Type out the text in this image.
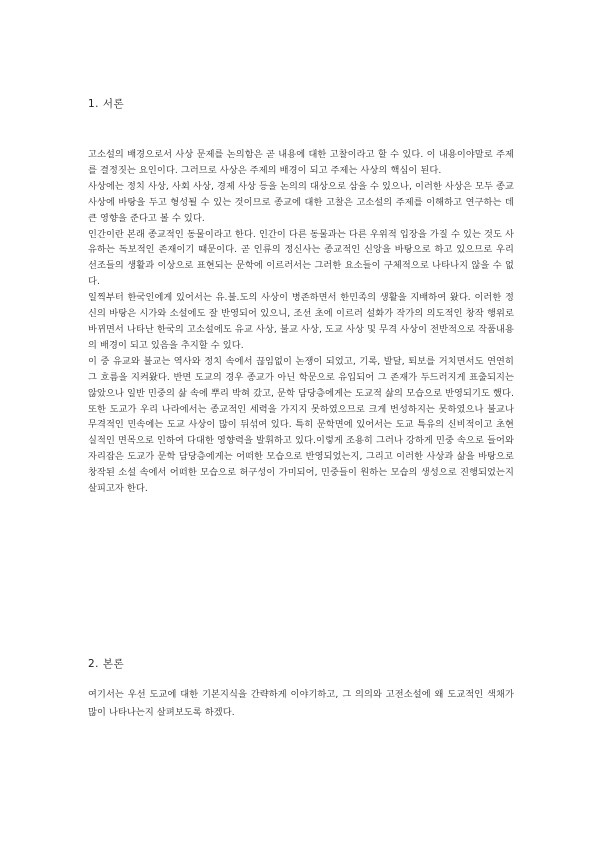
1. 서론

고소설의 배경으로서 사상 문제를 논의함은 곧 내용에 대한 고찰이라고 할 수 있다. 이 내용이야말로 주제를 결정짓는 요인이다. 그러므로 사상은 주제의 배경이 되고 주제는 사상의 핵심이 된다.

사상에는 정치 사상, 사회 사상, 경제 사상 등을 논의의 대상으로 삼을 수 있으나, 이러한 사상은 모두 종교 사상에 바탕을 두고 형성될 수 있는 것이므로 종교에 대한 고찰은 고소설의 주제를 이해하고 연구하는 데 큰 영향을 준다고 볼 수 있다.

인간이란 본래 종교적인 동물이라고 한다. 인간이 다른 동물과는 다른 우위적 입장을 가질 수 있는 것도 사유하는 독보적인 존재이기 때문이다. 곧 인류의 정신사는 종교적인 신앙을 바탕으로 하고 있으므로 우리 선조들의 생활과 이상으로 표현되는 문학에 이르러서는 그러한 요소들이 구체적으로 나타나지 않을 수 없다.

일찍부터 한국인에게 있어서는 유.불.도의 사상이 병존하면서 한민족의 생활을 지배하여 왔다. 이러한 정신의 바탕은 시가와 소설에도 잘 반영되어 있으니, 조선 초에 이르러 설화가 작가의 의도적인 창작 행위로 바뀌면서 나타난 한국의 고소설에도 유교 사상, 불교 사상, 도교 사상 및 무격 사상이 전반적으로 작품내용의 배경이 되고 있음을 추지할 수 있다.

이 중 유교와 불교는 역사와 정치 속에서 끊임없이 논쟁이 되었고, 기록, 발달, 퇴보를 거치면서도 연연히 그 흐름을 지켜왔다. 반면 도교의 경우 종교가 아닌 학문으로 유입되어 그 존재가 두드러지게 표출되지는 않았으나 일반 민중의 삶 속에 뿌리 박혀 갔고, 문학 담당층에게는 도교적 삶의 모습으로 반영되기도 했다. 또한 도교가 우리 나라에서는 종교적인 세력을 가지지 못하였으므로 크게 번성하지는 못하였으나 불교나 무격적인 민속에는 도교 사상이 많이 뒤섞여 있다. 특히 문학면에 있어서는 도교 특유의 신비적이고 초현실적인 면목으로 인하여 다대한 영향력을 발휘하고 있다.이렇게 조용히 그러나 강하게 민중 속으로 들어와 자리잡은 도교가 문학 담당층에게는 어떠한 모습으로 반영되었는지, 그리고 이러한 사상과 삶을 바탕으로 창작된 소설 속에서 어떠한 모습으로 허구성이 가미되어, 민중들이 원하는 모습의 생성으로 진행되었는지 살피고자 한다.

2. 본론

여기서는 우선 도교에 대한 기본지식을 간략하게 이야기하고, 그 의의와 고전소설에 왜 도교적인 색채가 많이 나타나는지 살펴보도록 하겠다.
